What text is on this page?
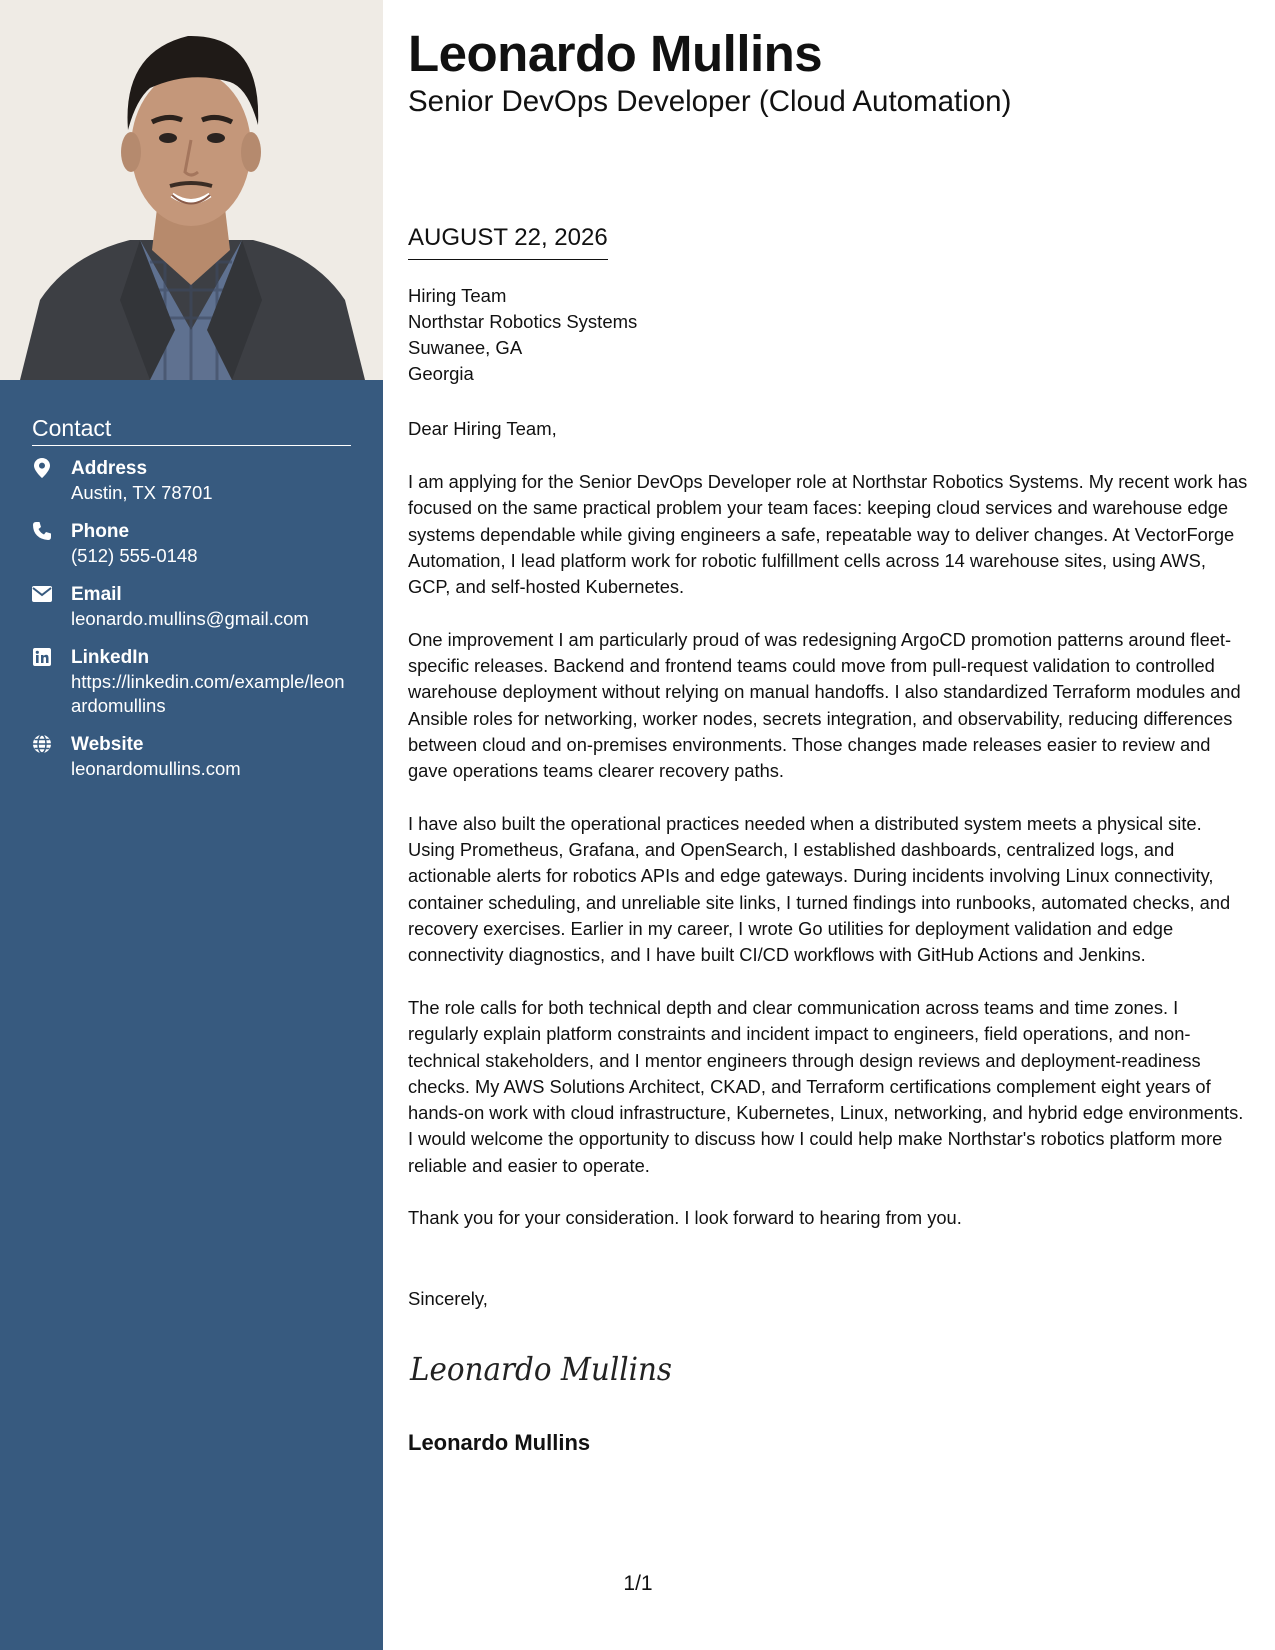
Contact
Address
Austin, TX 78701
Phone
(512) 555-0148
Email
leonardo.mullins@gmail.com
LinkedIn
https://linkedin.com/example/leonardomullins
Website
leonardomullins.com
Leonardo Mullins
Senior DevOps Developer (Cloud Automation)
AUGUST 22, 2026
Hiring Team
Northstar Robotics Systems
Suwanee, GA
Georgia
Dear Hiring Team,

I am applying for the Senior DevOps Developer role at Northstar Robotics Systems. My recent work has focused on the same practical problem your team faces: keeping cloud services and warehouse edge systems dependable while giving engineers a safe, repeatable way to deliver changes. At VectorForge Automation, I lead platform work for robotic fulfillment cells across 14 warehouse sites, using AWS, GCP, and self-hosted Kubernetes.

One improvement I am particularly proud of was redesigning ArgoCD promotion patterns around fleet-specific releases. Backend and frontend teams could move from pull-request validation to controlled warehouse deployment without relying on manual handoffs. I also standardized Terraform modules and Ansible roles for networking, worker nodes, secrets integration, and observability, reducing differences between cloud and on-premises environments. Those changes made releases easier to review and gave operations teams clearer recovery paths.

I have also built the operational practices needed when a distributed system meets a physical site. Using Prometheus, Grafana, and OpenSearch, I established dashboards, centralized logs, and actionable alerts for robotics APIs and edge gateways. During incidents involving Linux connectivity, container scheduling, and unreliable site links, I turned findings into runbooks, automated checks, and recovery exercises. Earlier in my career, I wrote Go utilities for deployment validation and edge connectivity diagnostics, and I have built CI/CD workflows with GitHub Actions and Jenkins.

The role calls for both technical depth and clear communication across teams and time zones. I regularly explain platform constraints and incident impact to engineers, field operations, and non-technical stakeholders, and I mentor engineers through design reviews and deployment-readiness checks. My AWS Solutions Architect, CKAD, and Terraform certifications complement eight years of hands-on work with cloud infrastructure, Kubernetes, Linux, networking, and hybrid edge environments. I would welcome the opportunity to discuss how I could help make Northstar's robotics platform more reliable and easier to operate.

Thank you for your consideration. I look forward to hearing from you.

Sincerely,
Leonardo Mullins
Leonardo Mullins
1/1
